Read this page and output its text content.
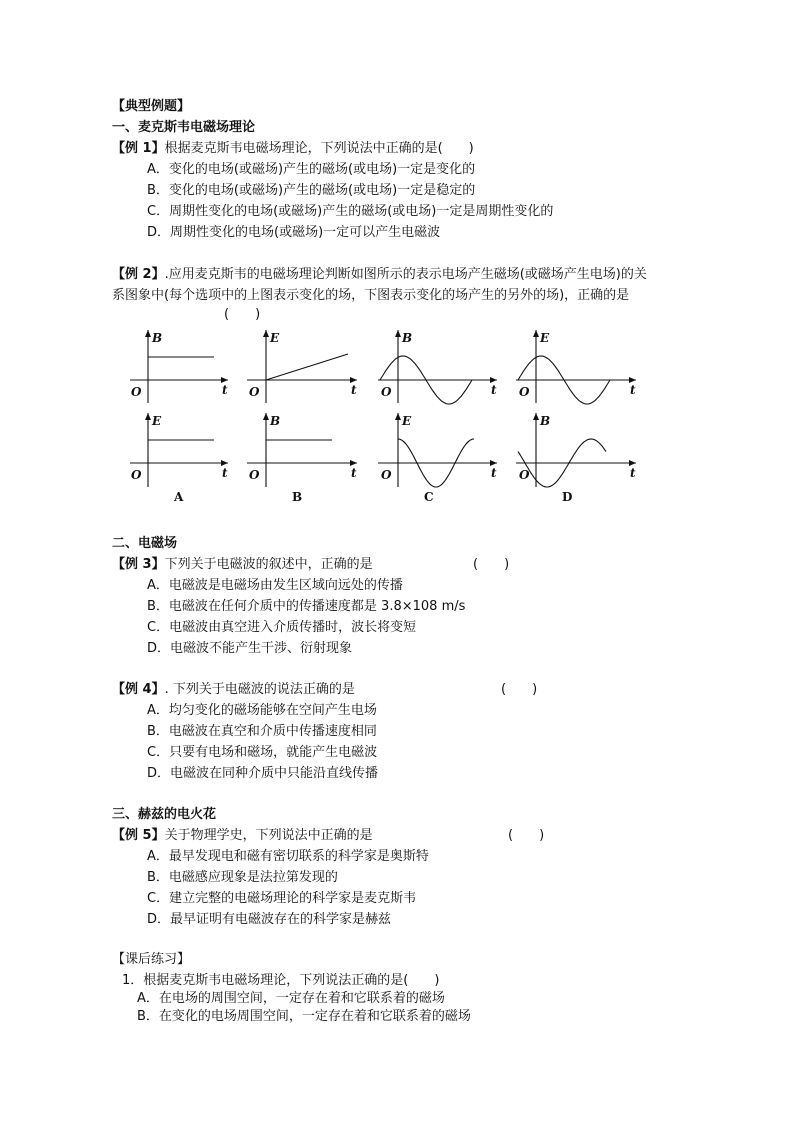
【典型例题】
一、麦克斯韦电磁场理论
【例 1】根据麦克斯韦电磁场理论，下列说法中正确的是(　　)
A．变化的电场(或磁场)产生的磁场(或电场)一定是变化的
B．变化的电场(或磁场)产生的磁场(或电场)一定是稳定的
C．周期性变化的电场(或磁场)产生的磁场(或电场)一定是周期性变化的
D．周期性变化的电场(或磁场)一定可以产生电磁波
【例 2】.应用麦克斯韦的电磁场理论判断如图所示的表示电场产生磁场(或磁场产生电场)的关
系图象中(每个选项中的上图表示变化的场，下图表示变化的场产生的另外的场)，正确的是
(　　)
O	t
B
O	t
E
A
O	t
E
O	t
B
B
O	t
B
O	t
E
C
O	t
E
O	t
B
D
二、电磁场
【例 3】下列关于电磁波的叙述中，正确的是	(　　)
A．电磁波是电磁场由发生区域向远处的传播
B．电磁波在任何介质中的传播速度都是 3.8×108 m/s
C．电磁波由真空进入介质传播时，波长将变短
D．电磁波不能产生干涉、衍射现象
【例 4】. 下列关于电磁波的说法正确的是	(　　)
A．均匀变化的磁场能够在空间产生电场
B．电磁波在真空和介质中传播速度相同
C．只要有电场和磁场，就能产生电磁波
D．电磁波在同种介质中只能沿直线传播
三、赫兹的电火花
【例 5】关于物理学史，下列说法中正确的是	(　　)
A．最早发现电和磁有密切联系的科学家是奥斯特
B．电磁感应现象是法拉第发现的
C．建立完整的电磁场理论的科学家是麦克斯韦
D．最早证明有电磁波存在的科学家是赫兹
【课后练习】
1．根据麦克斯韦电磁场理论，下列说法正确的是(　　)
A．在电场的周围空间，一定存在着和它联系着的磁场
B．在变化的电场周围空间，一定存在着和它联系着的磁场
